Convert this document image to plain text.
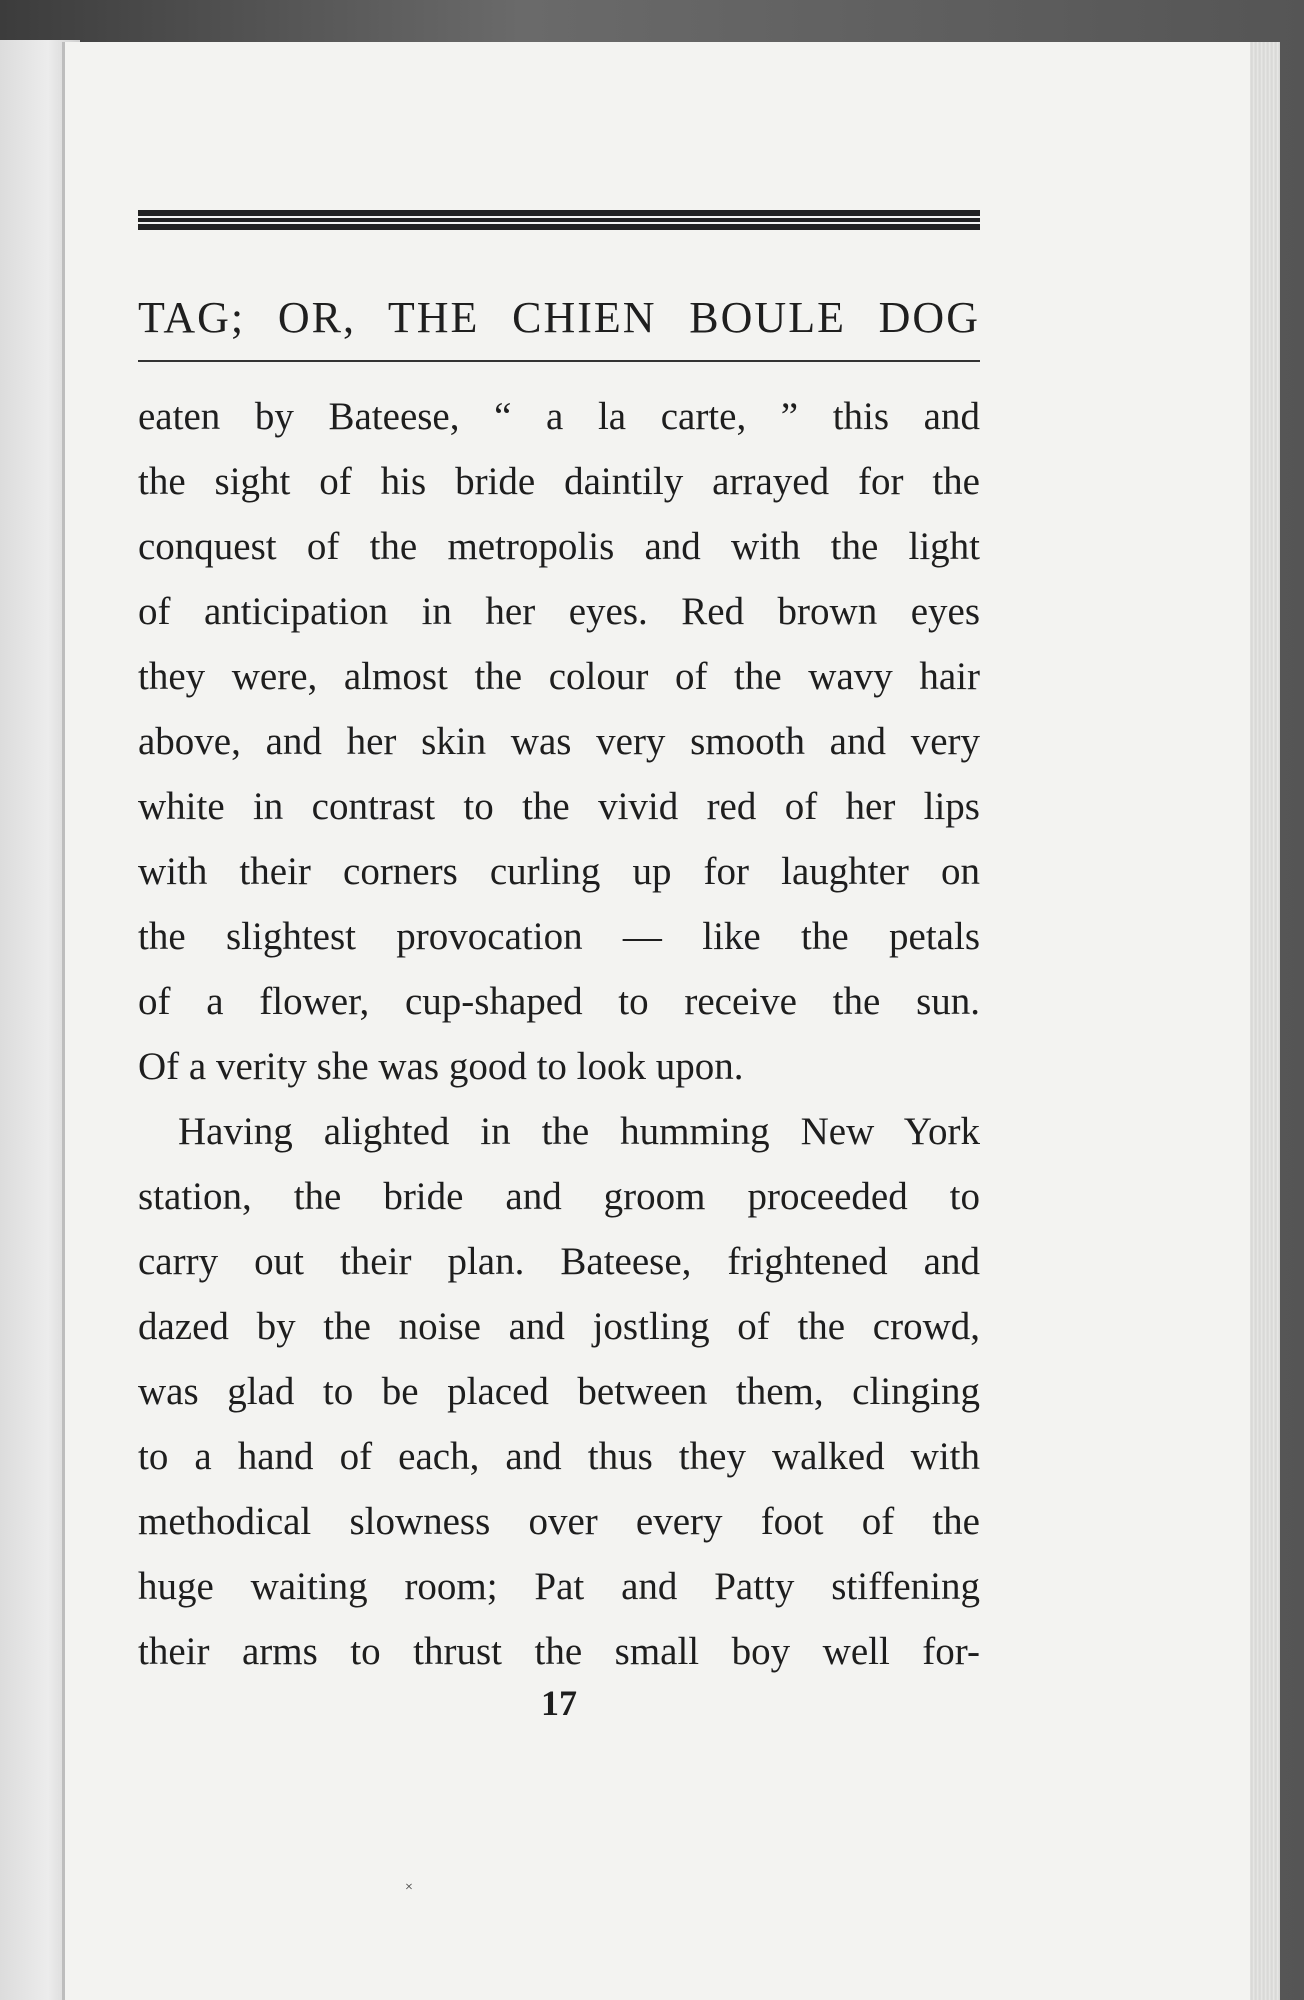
TAG; OR, THE CHIEN BOULE DOG
eaten by Bateese, “ a la carte, ” this and
the sight of his bride daintily arrayed for the
conquest of the metropolis and with the light
of anticipation in her eyes. Red brown eyes
they were, almost the colour of the wavy hair
above, and her skin was very smooth and very
white in contrast to the vivid red of her lips
with their corners curling up for laughter on
the slightest provocation — like the petals
of a flower, cup-shaped to receive the sun.
Of a verity she was good to look upon.
Having alighted in the humming New York
station, the bride and groom proceeded to
carry out their plan. Bateese, frightened and
dazed by the noise and jostling of the crowd,
was glad to be placed between them, clinging
to a hand of each, and thus they walked with
methodical slowness over every foot of the
huge waiting room; Pat and Patty stiffening
their arms to thrust the small boy well for-
17
×
